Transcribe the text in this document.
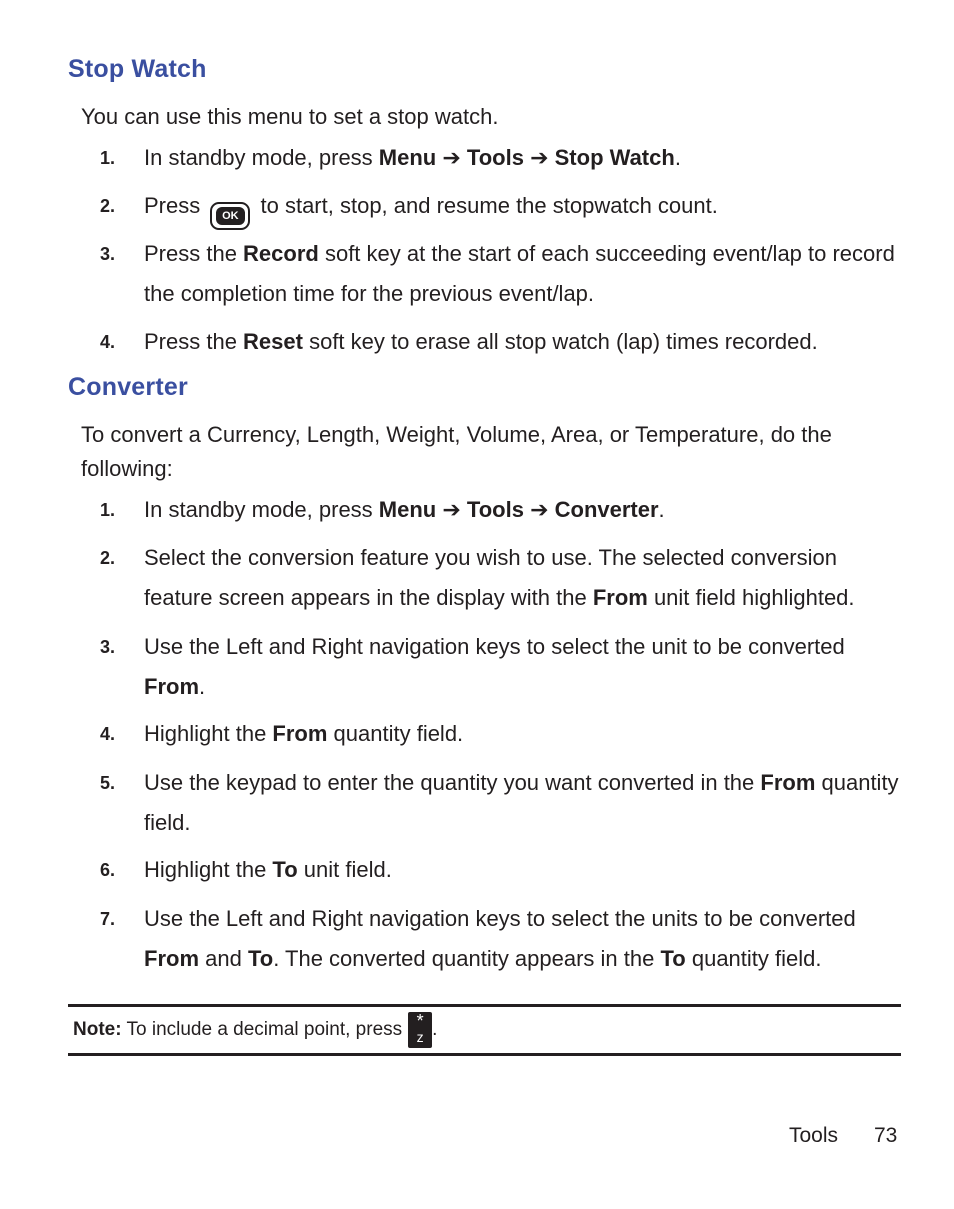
Stop Watch

You can use this menu to set a stop watch.

1.	In standby mode, press Menu ➔ Tools ➔ Stop Watch.
2.	Press	OK to start, stop, and resume the stopwatch count.
3.	Press the Record soft key at the start of each succeeding event/lap to record the completion time for the previous event/lap.
4.	Press the Reset soft key to erase all stop watch (lap) times recorded.
Converter

To convert a Currency, Length, Weight, Volume, Area, or Temperature, do the following:

1.	In standby mode, press Menu ➔ Tools ➔ Converter.
2.	Select the conversion feature you wish to use. The selected conversion feature screen appears in the display with the From unit field highlighted.
3.	Use the Left and Right navigation keys to select the unit to be converted From.
4.	Highlight the From quantity field.
5.	Use the keypad to enter the quantity you want converted in the From quantity field.
6.	Highlight the To unit field.
7.	Use the Left and Right navigation keys to select the units to be converted From and To. The converted quantity appears in the To quantity field.
Note: To include a decimal point, press *
z .
Tools 73
